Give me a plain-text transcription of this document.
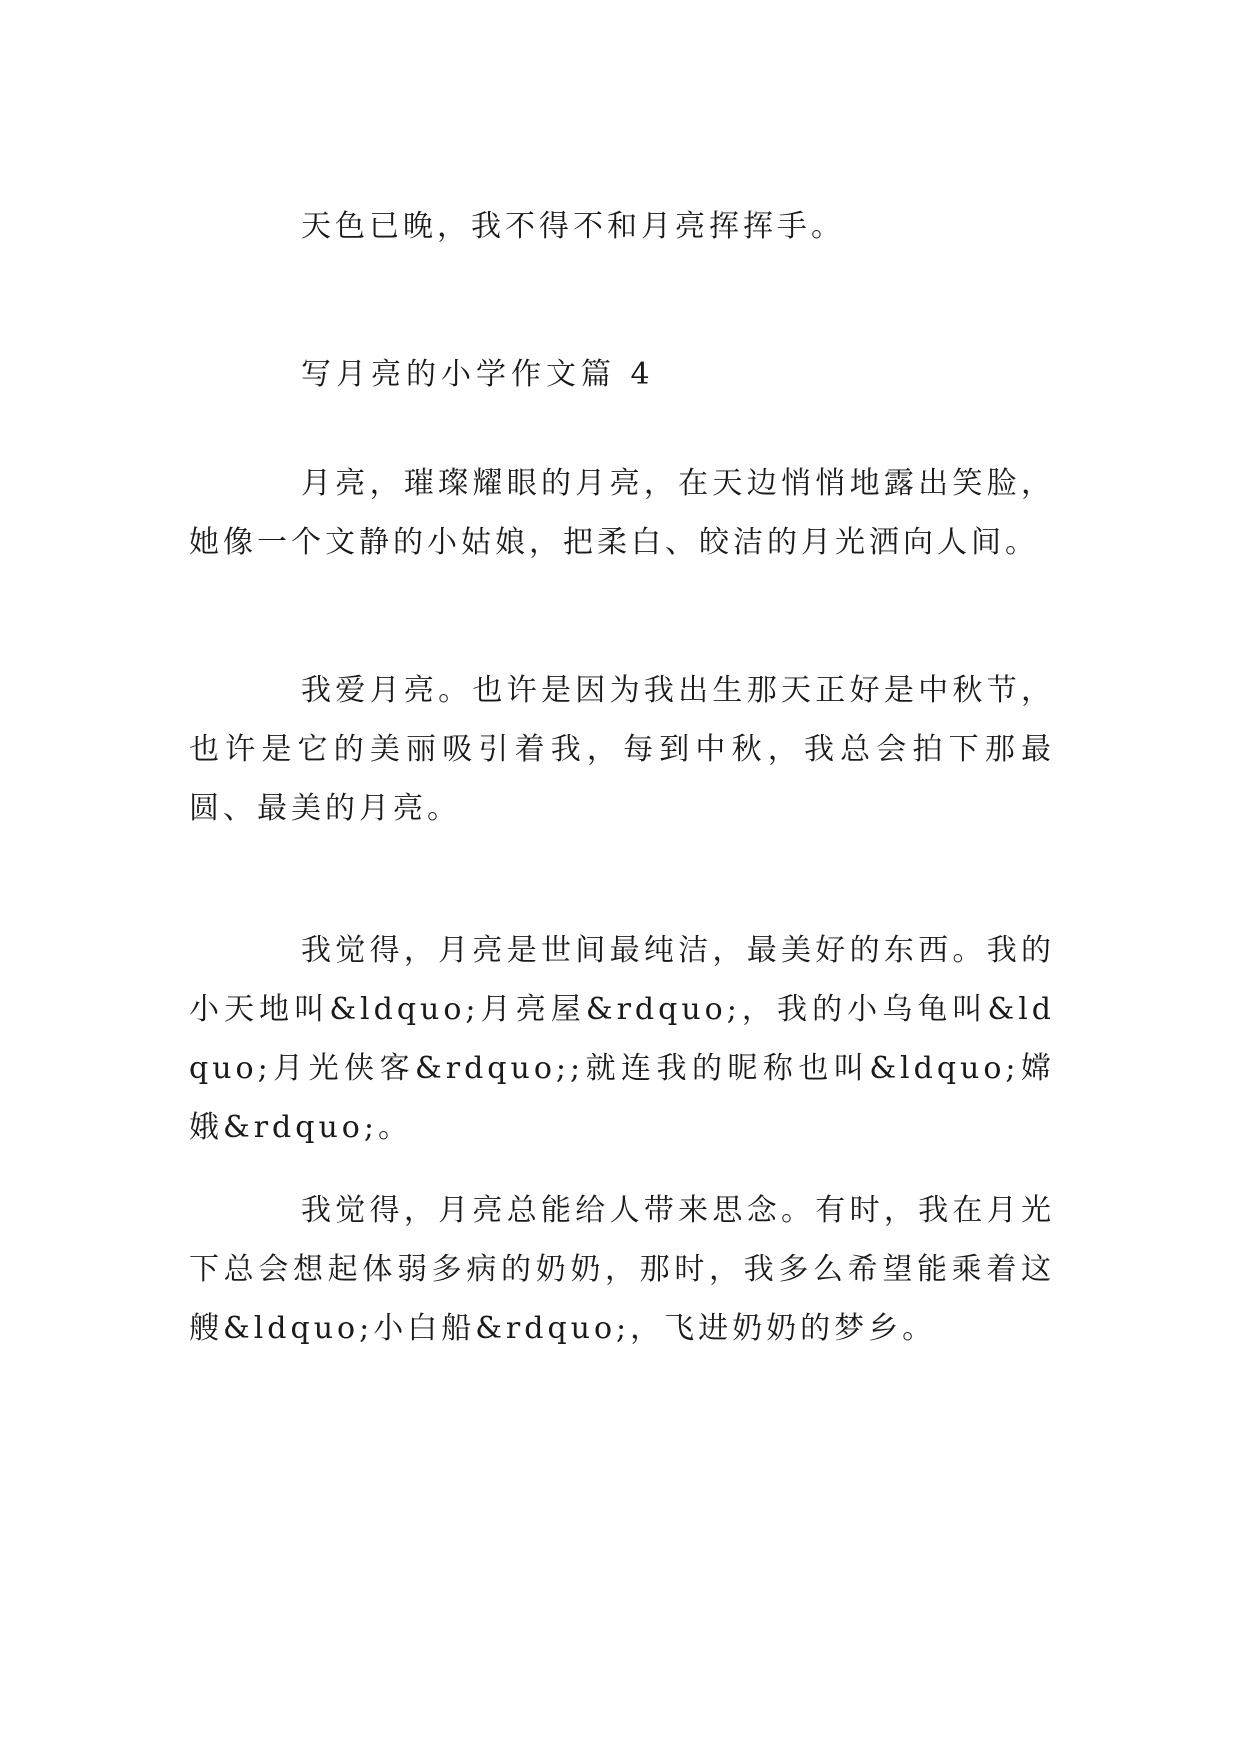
天色已晚，我不得不和月亮挥挥手。

写月亮的小学作文篇 4

月亮，璀璨耀眼的月亮，在天边悄悄地露出笑脸，她像一个文静的小姑娘，把柔白、皎洁的月光洒向人间。

我爱月亮。也许是因为我出生那天正好是中秋节，也许是它的美丽吸引着我，每到中秋，我总会拍下那最圆、最美的月亮。

我觉得，月亮是世间最纯洁，最美好的东西。我的小天地叫&ldquo;月亮屋&rdquo;，我的小乌龟叫&ldquo;月光侠客&rdquo;;就连我的昵称也叫&ldquo;嫦娥&rdquo;。

我觉得，月亮总能给人带来思念。有时，我在月光下总会想起体弱多病的奶奶，那时，我多么希望能乘着这艘&ldquo;小白船&rdquo;，飞进奶奶的梦乡。
